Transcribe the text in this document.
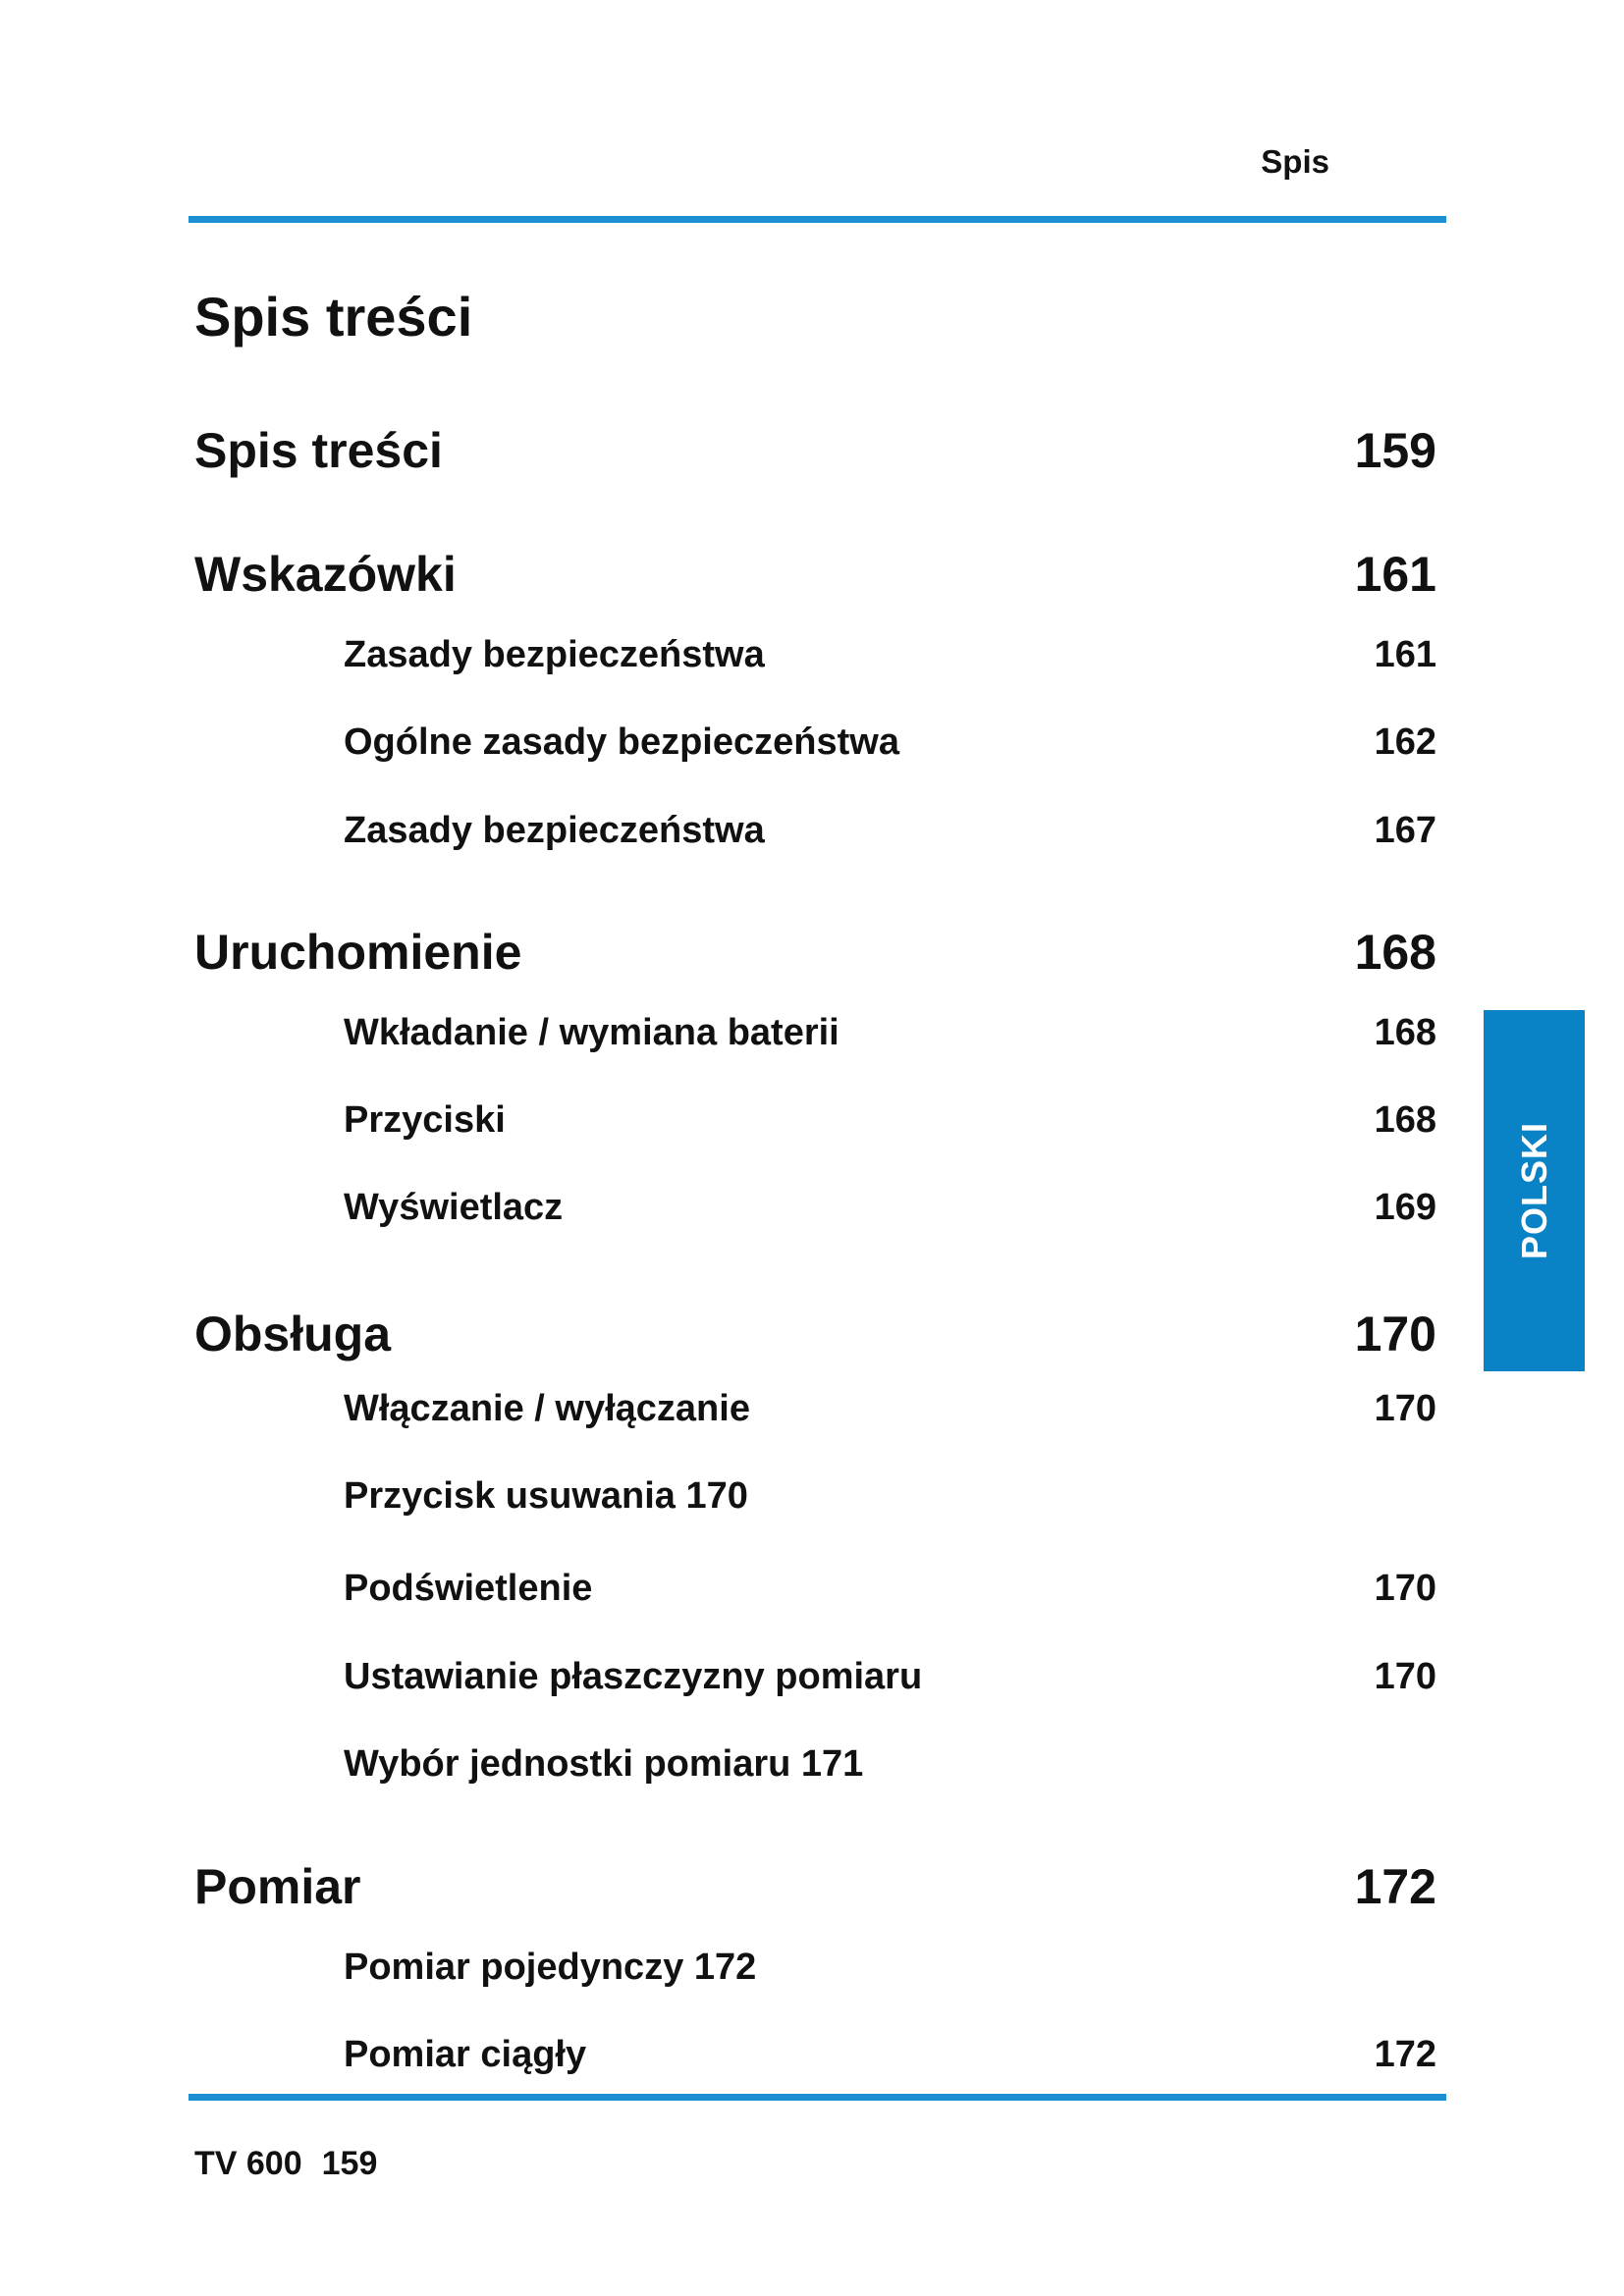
Spis
Spis treści
Spis treści	159
Wskazówki	161
Zasady bezpieczeństwa	161
Ogólne zasady bezpieczeństwa	162
Zasady bezpieczeństwa	167
Uruchomienie	168
Wkładanie / wymiana baterii	168
Przyciski	168
Wyświetlacz	169
Obsługa	170
Włączanie / wyłączanie	170
Przycisk usuwania 170
Podświetlenie	170
Ustawianie płaszczyzny pomiaru	170
Wybór jednostki pomiaru 171
Pomiar	172
Pomiar pojedynczy 172
Pomiar ciągły	172
POLSKI
TV 600 159
